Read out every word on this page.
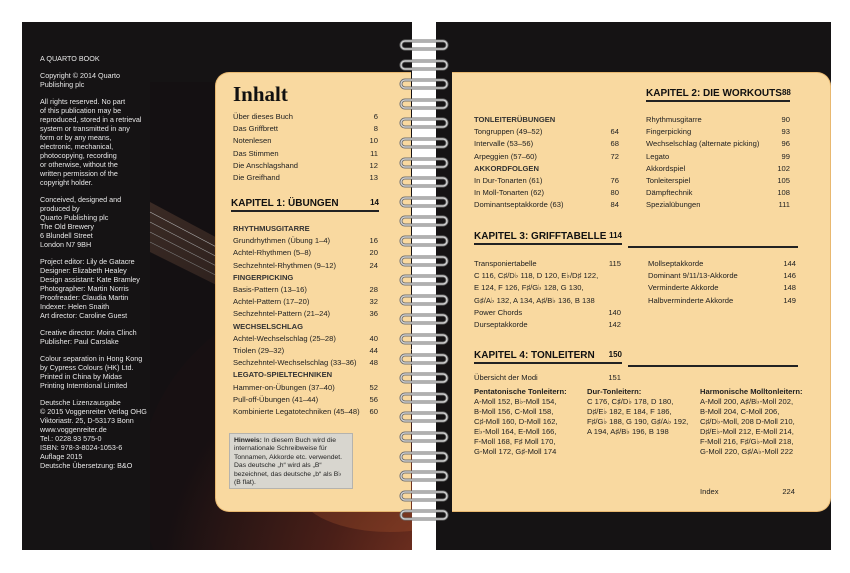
A QUARTO BOOK

Copyright © 2014 Quarto
Publishing plc

All rights reserved. No part
of this publication may be
reproduced, stored in a retrieval
system or transmitted in any
form or by any means,
electronic, mechanical,
photocopying, recording
or otherwise, without the
written permission of the
copyright holder.

Conceived, designed and
produced by
Quarto Publishing plc
The Old Brewery
6 Blundell Street
London N7 9BH

Project editor: Lily de Gatacre
Designer: Elizabeth Healey
Design assistant: Kate Bramley
Photographer: Martin Norris
Proofreader: Claudia Martin
Indexer: Helen Snaith
Art director: Caroline Guest

Creative director: Moira Clinch
Publisher: Paul Carslake

Colour separation in Hong Kong
by Cypress Colours (HK) Ltd.
Printed in China by Midas
Printing Interntional Limited

Deutsche Lizenzausgabe
© 2015 Voggenreiter Verlag OHG
Viktoriastr. 25, D-53173 Bonn
www.voggenreiter.de
Tel.: 0228.93 575-0
ISBN: 978-3-8024-1053-6
Auflage 2015
Deutsche Übersetzung: B&O

Inhalt
Über dieses Buch	6
Das Griffbrett	8
Notenlesen	10
Das Stimmen	11
Die Anschlagshand	12
Die Greifhand	13
KAPITEL 1: ÜBUNGEN	14
RHYTHMUSGITARRE
Grundrhythmen (Übung 1–4)	16
Achtel-Rhythmen (5–8)	20
Sechzehntel-Rhythmen (9–12)	24
FINGERPICKING
Basis-Pattern (13–16)	28
Achtel-Pattern (17–20)	32
Sechzehntel-Pattern (21–24)	36
WECHSELSCHLAG
Achtel-Wechselschlag (25–28)	40
Triolen (29–32)	44
Sechzehntel-Wechselschlag (33–36) 48
LEGATO-SPIELTECHNIKEN
Hammer-on-Übungen (37–40)	52
Pull-off-Übungen (41–44)	56
Kombinierte Legatotechniken (45–48) 60
Hinweis: In diesem Buch wird die internationale Schreibweise für Tonnamen, Akkorde etc. verwendet. Das deutsche „h“ wird als „B“ bezeichnet, das deutsche „b“ als B♭ (B flat).
TONLEITERÜBUNGEN
Tongruppen (49–52)	64
Intervalle (53–56)	68
Arpeggien (57–60)	72
AKKORDFOLGEN
In Dur-Tonarten (61)	76
In Moll-Tonarten (62)	80
Dominantseptakkorde (63)	84
KAPITEL 2: DIE WORKOUTS 88
Rhythmusgitarre	90
Fingerpicking	93
Wechselschlag (alternate picking)	96
Legato	99
Akkordspiel	102
Tonleiterspiel	105
Dämpftechnik	108
Spezialübungen	111
KAPITEL 3: GRIFFTABELLE 114
Transponiertabelle	115
C 116, C♯/D♭ 118, D 120, E♭/D♯ 122,
E 124, F 126, F♯/G♭ 128, G 130,
G♯/A♭ 132, A 134, A♯/B♭ 136, B 138
Power Chords	140
Durseptakkorde	142
Mollseptakkorde	144
Dominant 9/11/13-Akkorde	146
Verminderte Akkorde	148
Halbverminderte Akkorde	149
KAPITEL 4: TONLEITERN 150
Übersicht der Modi	151
Pentatonische Tonleitern:
A-Moll 152, B♭-Moll 154,
B-Moll 156, C-Moll 158,
C♯-Moll 160, D-Moll 162,
E♭-Moll 164, E-Moll 166,
F-Moll 168, F♯ Moll 170,
G-Moll 172, G♯-Moll 174
Dur-Tonleitern:
C 176, C♯/D♭ 178, D 180,
D♯/E♭ 182, E 184, F 186,
F♯/G♭ 188, G 190, G♯/A♭ 192,
A 194, A♯/B♭ 196, B 198
Harmonische Molltonleitern:
A-Moll 200, A♯/B♭-Moll 202,
B-Moll 204, C-Moll 206,
C♯/D♭-Moll, 208 D-Moll 210,
D♯/E♭-Moll 212, E-Moll 214,
F-Moll 216, F♯/G♭-Moll 218,
G-Moll 220, G♯/A♭-Moll 222
Index	224
